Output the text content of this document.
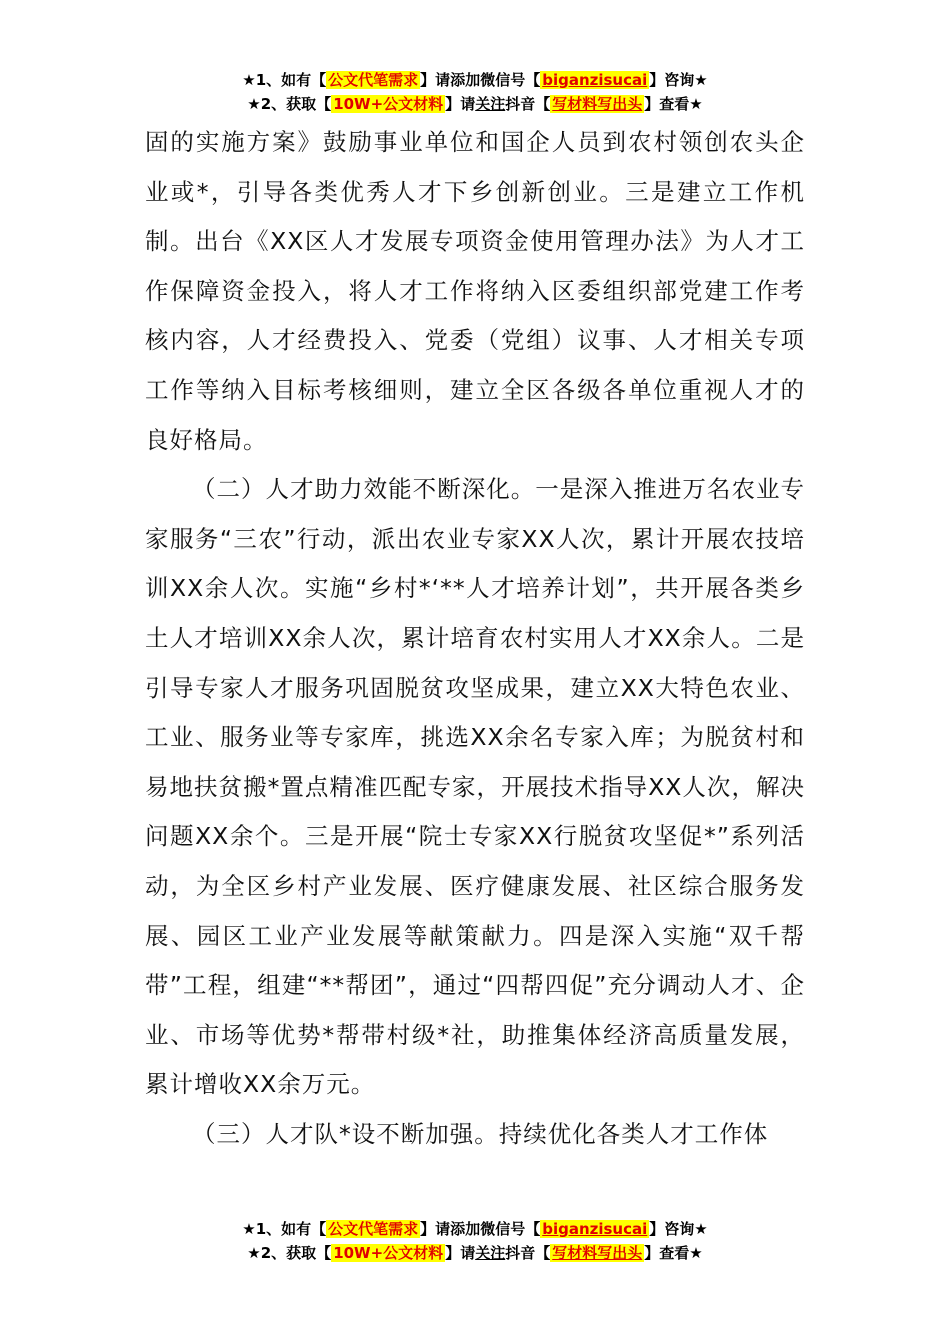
★1、如有【 公文代笔需求 】请添加微信号【 biganzisucai 】咨询★
★2、获取【 10W+公文材料 】请关注抖音【 写材料写出头 】查看★

固的实施方案》鼓励事业单位和国企人员到农村领创农头企业或*，引导各类优秀人才下乡创新创业。三是建立工作机制。出台《XX区人才发展专项资金使用管理办法》为人才工作保障资金投入，将人才工作将纳入区委组织部党建工作考核内容，人才经费投入、党委（党组）议事、人才相关专项工作等纳入目标考核细则，建立全区各级各单位重视人才的良好格局。

（二）人才助力效能不断深化。一是深入推进万名农业专家服务“三农”行动，派出农业专家XX人次，累计开展农技培训XX余人次。实施“乡村*‘**人才培养计划”，共开展各类乡土人才培训XX余人次，累计培育农村实用人才XX余人。二是引导专家人才服务巩固脱贫攻坚成果，建立XX大特色农业、工业、服务业等专家库，挑选XX余名专家入库；为脱贫村和易地扶贫搬*置点精准匹配专家，开展技术指导XX人次，解决问题XX余个。三是开展“院士专家XX行脱贫攻坚促*”系列活动，为全区乡村产业发展、医疗健康发展、社区综合服务发展、园区工业产业发展等献策献力。四是深入实施“双千帮带”工程，组建“**帮团”，通过“四帮四促”充分调动人才、企业、市场等优势*帮带村级*社，助推集体经济高质量发展，累计增收XX余万元。

（三）人才队*设不断加强。持续优化各类人才工作体

★1、如有【 公文代笔需求 】请添加微信号【 biganzisucai 】咨询★
★2、获取【 10W+公文材料 】请关注抖音【 写材料写出头 】查看★
